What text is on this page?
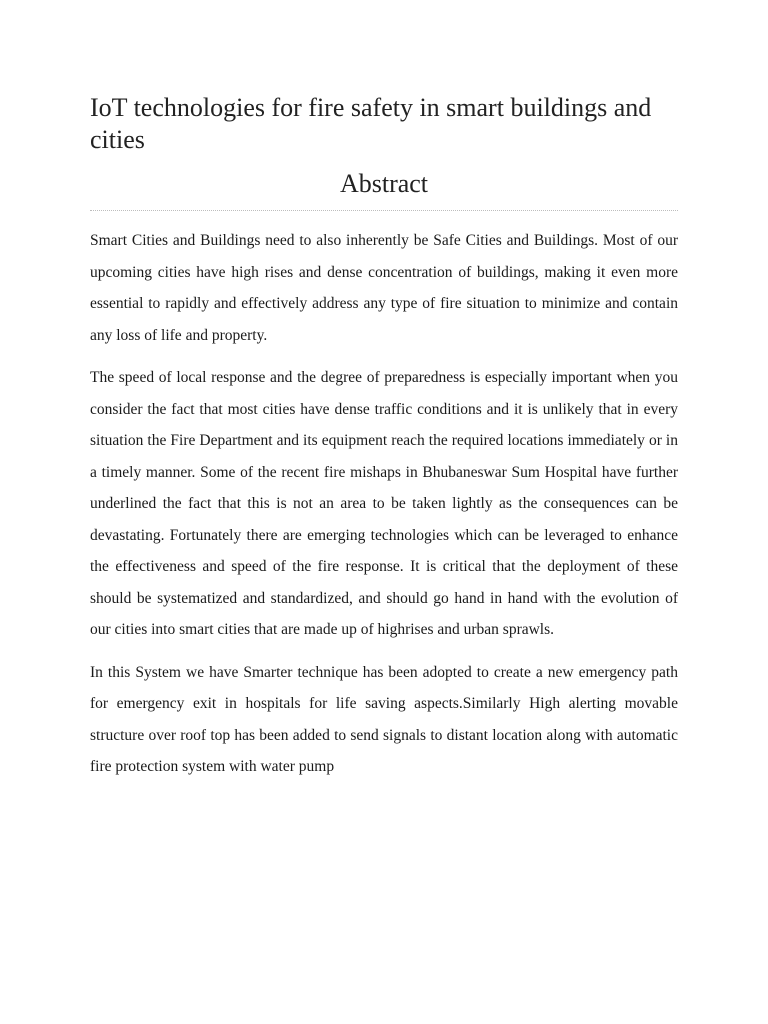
IoT technologies for fire safety in smart buildings and cities
Abstract

Smart Cities and Buildings need to also inherently be Safe Cities and Buildings. Most of our upcoming cities have high rises and dense concentration of buildings, making it even more essential to rapidly and effectively address any type of fire situation to minimize and contain any loss of life and property.

The speed of local response and the degree of preparedness is especially important when you consider the fact that most cities have dense traffic conditions and it is unlikely that in every situation the Fire Department and its equipment reach the required locations immediately or in a timely manner. Some of the recent fire mishaps in Bhubaneswar Sum Hospital have further underlined the fact that this is not an area to be taken lightly as the consequences can be devastating. Fortunately there are emerging technologies which can be leveraged to enhance the effectiveness and speed of the fire response. It is critical that the deployment of these should be systematized and standardized, and should go hand in hand with the evolution of our cities into smart cities that are made up of highrises and urban sprawls.

In this System we have Smarter technique has been adopted to create a new emergency path for emergency exit in hospitals for life saving aspects.Similarly High alerting movable structure over roof top has been added to send signals to distant location along with automatic fire protection system with water pump
